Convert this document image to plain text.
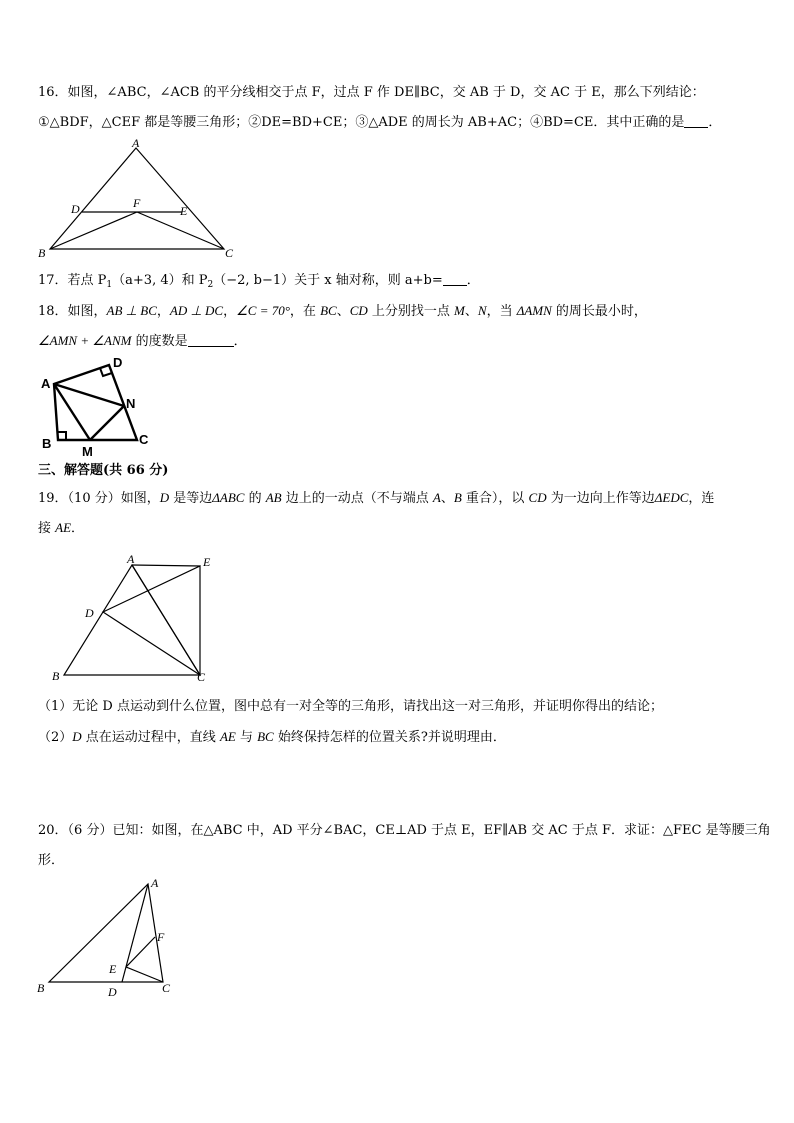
16．如图，∠ABC，∠ACB 的平分线相交于点 F，过点 F 作 DE∥BC，交 AB 于 D，交 AC 于 E，那么下列结论：
①△BDF，△CEF 都是等腰三角形；②DE=BD+CE；③△ADE 的周长为 AB+AC；④BD=CE．其中正确的是 ．
A
D	F
E
B	C
17．若点 $P_1(a+3$, 4）和 $P_2(-2$, b−1）关于 x 轴对称，则 a+b= ．
18．如图，AB ⊥ BC，AD ⊥ DC，∠C = 70°，在 BC、CD 上分别找一点 M、N，当 ΔAMN 的周长最小时，
∠AMN + ∠ANM 的度数是	．
A
D
N
B	C
M
三、解答题(共 66 分)
19．（10 分）如图，D 是等边ΔABC 的 AB 边上的一动点（不与端点 A、B 重合），以 CD 为一边向上作等边ΔEDC，连
接 AE．
A	E
D
B	C
（1）无论 D 点运动到什么位置，图中总有一对全等的三角形，请找出这一对三角形，并证明你得出的结论；
（2）D 点在运动过程中，直线 AE 与 BC 始终保持怎样的位置关系?并说明理由．
20．（6 分）已知：如图，在△ABC 中，AD 平分∠BAC，CE⊥AD 于点 E，EF∥AB 交 AC 于点 F．求证：△FEC 是等腰三角
形．
A
F
E
B	D	C
